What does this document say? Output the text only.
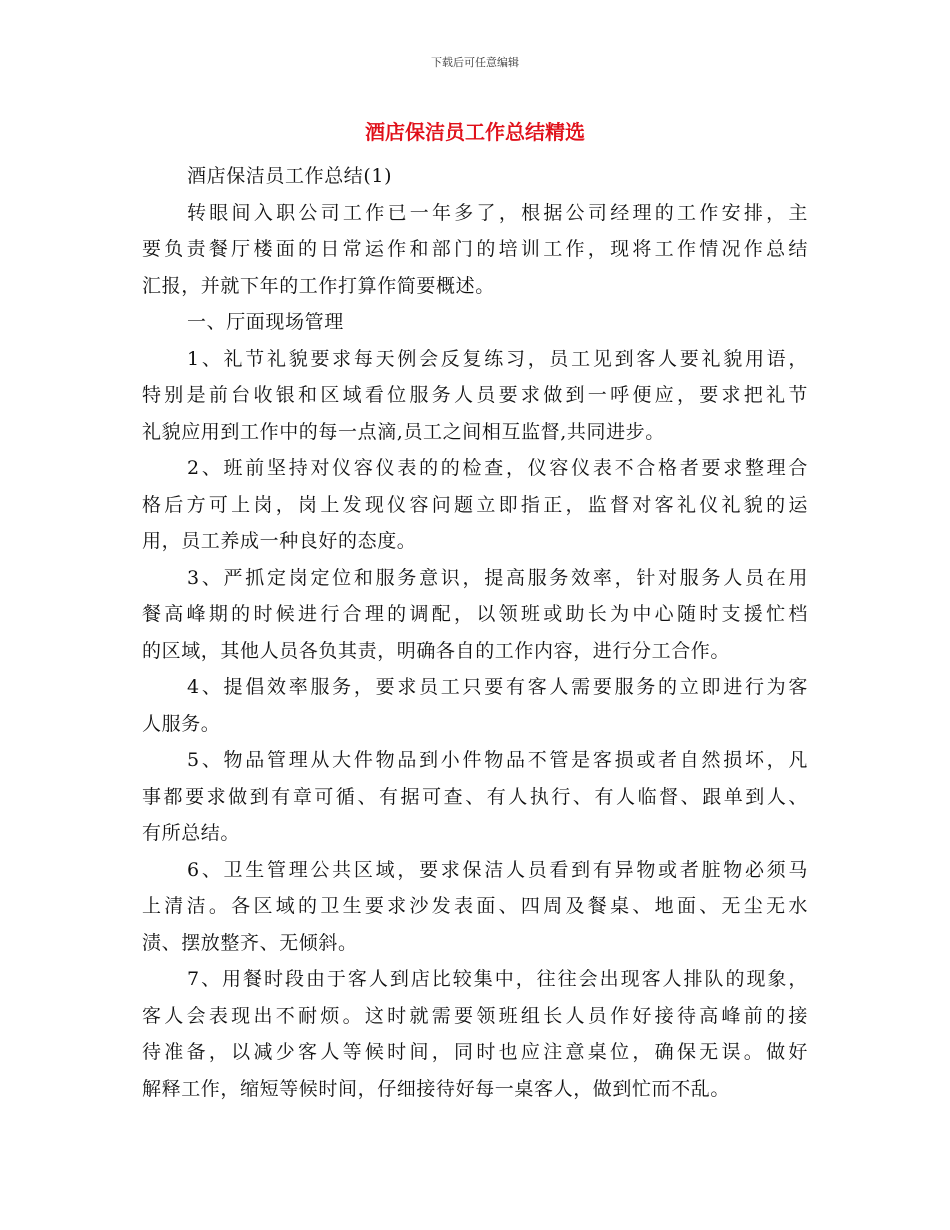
下载后可任意编辑
酒店保洁员工作总结精选
酒店保洁员工作总结(1)
转眼间入职公司工作已一年多了，根据公司经理的工作安排，主
要负责餐厅楼面的日常运作和部门的培训工作，现将工作情况作总结
汇报，并就下年的工作打算作简要概述。
一、厅面现场管理
1、礼节礼貌要求每天例会反复练习，员工见到客人要礼貌用语，
特别是前台收银和区域看位服务人员要求做到一呼便应，要求把礼节
礼貌应用到工作中的每一点滴,员工之间相互监督,共同进步。
2、班前坚持对仪容仪表的的检查，仪容仪表不合格者要求整理合
格后方可上岗，岗上发现仪容问题立即指正，监督对客礼仪礼貌的运
用，员工养成一种良好的态度。
3、严抓定岗定位和服务意识，提高服务效率，针对服务人员在用
餐高峰期的时候进行合理的调配，以领班或助长为中心随时支援忙档
的区域，其他人员各负其责，明确各自的工作内容，进行分工合作。
4、提倡效率服务，要求员工只要有客人需要服务的立即进行为客
人服务。
5、物品管理从大件物品到小件物品不管是客损或者自然损坏，凡
事都要求做到有章可循、有据可查、有人执行、有人临督、跟单到人、
有所总结。
6、卫生管理公共区域，要求保洁人员看到有异物或者脏物必须马
上清洁。各区域的卫生要求沙发表面、四周及餐桌、地面、无尘无水
渍、摆放整齐、无倾斜。
7、用餐时段由于客人到店比较集中，往往会出现客人排队的现象，
客人会表现出不耐烦。这时就需要领班组长人员作好接待高峰前的接
待准备，以减少客人等候时间，同时也应注意桌位，确保无误。做好
解释工作，缩短等候时间，仔细接待好每一桌客人，做到忙而不乱。
